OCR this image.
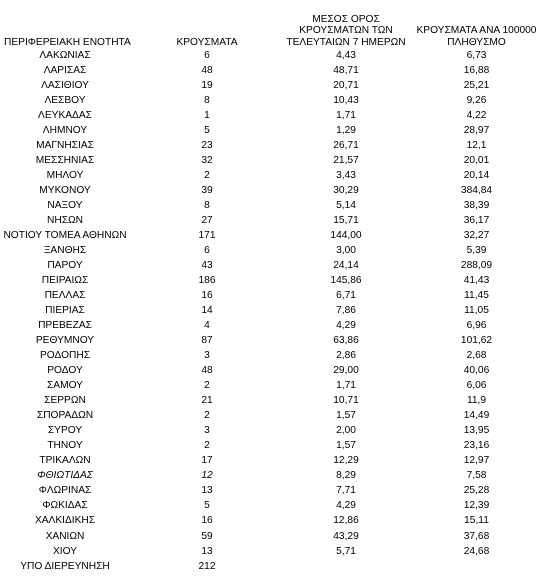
ΠΕΡΙΦΕΡΕΙΑΚΗ ΕΝΟΤΗΤΑ	ΚΡΟΥΣΜΑΤΑ	ΜΕΣΟΣ ΟΡΟΣ
ΚΡΟΥΣΜΑΤΩΝ ΤΩΝ
ΤΕΛΕΥΤΑΙΩΝ 7 ΗΜΕΡΩΝ	ΚΡΟΥΣΜΑΤΑ ΑΝΑ 100000
ΠΛΗΘΥΣΜΟ

ΛΑΚΩΝΙΑΣ	6	4,43	6,73
ΛΑΡΙΣΑΣ	48	48,71	16,88
ΛΑΣΙΘΙΟΥ	19	20,71	25,21
ΛΕΣΒΟΥ	8	10,43	9,26
ΛΕΥΚΑΔΑΣ	1	1,71	4,22
ΛΗΜΝΟΥ	5	1,29	28,97
ΜΑΓΝΗΣΙΑΣ	23	26,71	12,1
ΜΕΣΣΗΝΙΑΣ	32	21,57	20,01
ΜΗΛΟΥ	2	3,43	20,14
ΜΥΚΟΝΟΥ	39	30,29	384,84
ΝΑΞΟΥ	8	5,14	38,39
ΝΗΣΩΝ	27	15,71	36,17
ΝΟΤΙΟΥ ΤΟΜΕΑ ΑΘΗΝΩΝ	171	144,00	32,27
ΞΑΝΘΗΣ	6	3,00	5,39
ΠΑΡΟΥ	43	24,14	288,09
ΠΕΙΡΑΙΩΣ	186	145,86	41,43
ΠΕΛΛΑΣ	16	6,71	11,45
ΠΙΕΡΙΑΣ	14	7,86	11,05
ΠΡΕΒΕΖΑΣ	4	4,29	6,96
ΡΕΘΥΜΝΟΥ	87	63,86	101,62
ΡΟΔΟΠΗΣ	3	2,86	2,68
ΡΟΔΟΥ	48	29,00	40,06
ΣΑΜΟΥ	2	1,71	6,06
ΣΕΡΡΩΝ	21	10,71	11,9
ΣΠΟΡΑΔΩΝ	2	1,57	14,49
ΣΥΡΟΥ	3	2,00	13,95
ΤΗΝΟΥ	2	1,57	23,16
ΤΡΙΚΑΛΩΝ	17	12,29	12,97
ΦΘΙΩΤΙΔΑΣ	12	8,29	7,58
ΦΛΩΡΙΝΑΣ	13	7,71	25,28
ΦΩΚΙΔΑΣ	5	4,29	12,39
ΧΑΛΚΙΔΙΚΗΣ	16	12,86	15,11
ΧΑΝΙΩΝ	59	43,29	37,68
ΧΙΟΥ	13	5,71	24,68
ΥΠΟ ΔΙΕΡΕΥΝΗΣΗ	212		
